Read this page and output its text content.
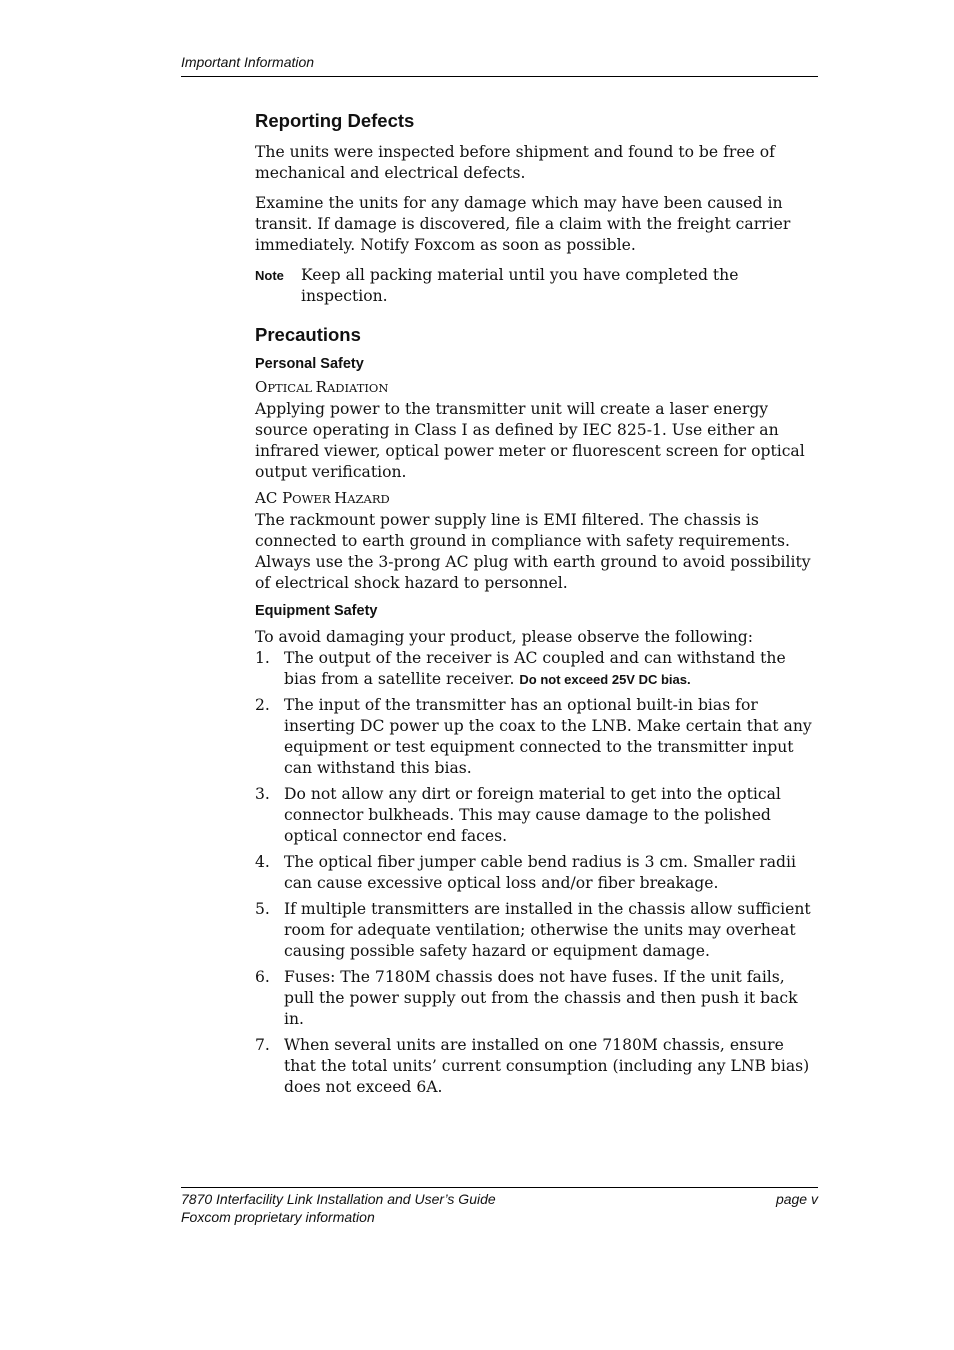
Important Information
Reporting Defects

The units were inspected before shipment and found to be free of mechanical and electrical defects.

Examine the units for any damage which may have been caused in transit. If damage is discovered, file a claim with the freight carrier immediately. Notify Foxcom as soon as possible.

Note	Keep all packing material until you have completed the inspection.
Precautions
Personal Safety

OPTICAL RADIATION

Applying power to the transmitter unit will create a laser energy source operating in Class I as defined by IEC 825-1. Use either an infrared viewer, optical power meter or fluorescent screen for optical output verification.

AC POWER HAZARD

The rackmount power supply line is EMI filtered. The chassis is connected to earth ground in compliance with safety requirements. Always use the 3-prong AC plug with earth ground to avoid possibility of electrical shock hazard to personnel.

Equipment Safety

To avoid damaging your product, please observe the following:

1. The output of the receiver is AC coupled and can withstand the bias from a satellite receiver. Do not exceed 25V DC bias.
2. The input of the transmitter has an optional built-in bias for inserting DC power up the coax to the LNB. Make certain that any equipment or test equipment connected to the transmitter input can withstand this bias.
3. Do not allow any dirt or foreign material to get into the optical connector bulkheads. This may cause damage to the polished optical connector end faces.
4. The optical fiber jumper cable bend radius is 3 cm. Smaller radii can cause excessive optical loss and/or fiber breakage.
5. If multiple transmitters are installed in the chassis allow sufficient room for adequate ventilation; otherwise the units may overheat causing possible safety hazard or equipment damage.
6. Fuses: The 7180M chassis does not have fuses. If the unit fails, pull the power supply out from the chassis and then push it back in.
7. When several units are installed on one 7180M chassis, ensure that the total units’ current consumption (including any LNB bias) does not exceed 6A.
7870 Interfacility Link Installation and User’s Guide
Foxcom proprietary information
page v
